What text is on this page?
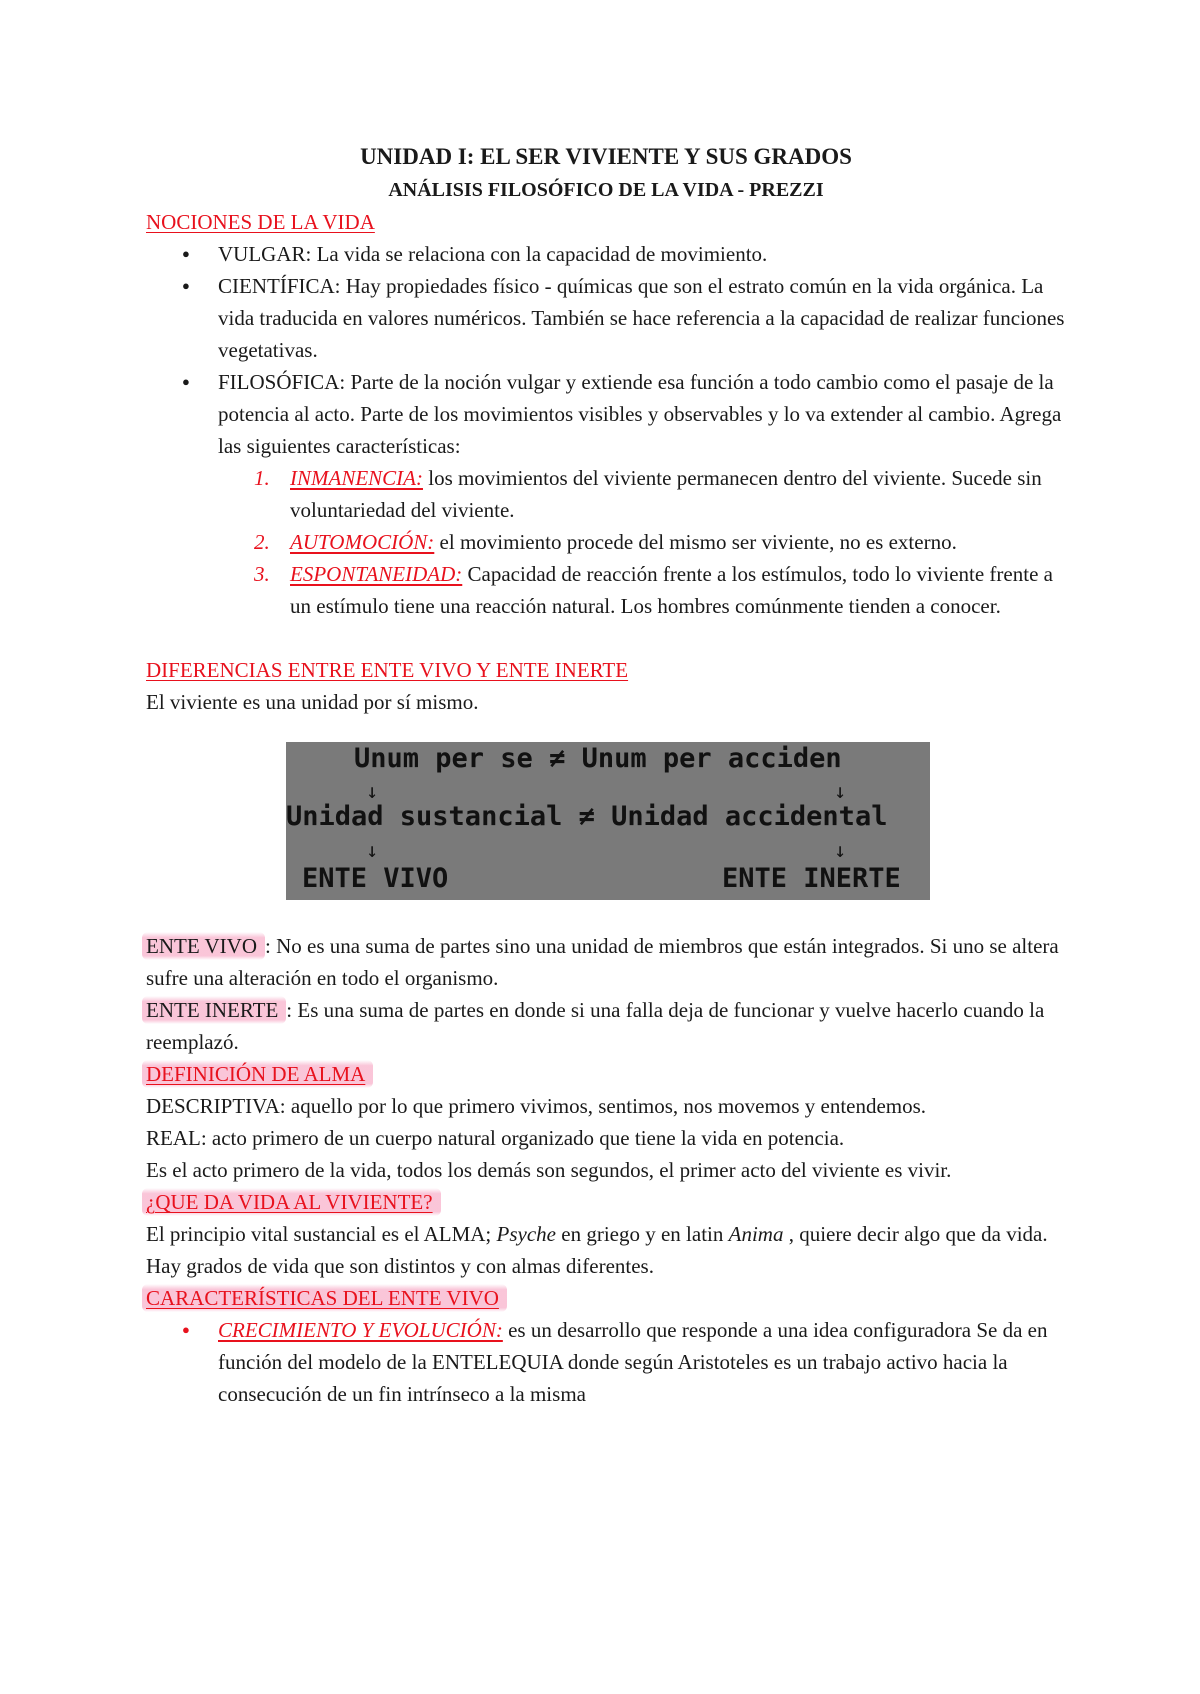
UNIDAD I: EL SER VIVIENTE Y SUS GRADOS
ANÁLISIS FILOSÓFICO DE LA VIDA - PREZZI

NOCIONES DE LA VIDA

● VULGAR: La vida se relaciona con la capacidad de movimiento.
● CIENTÍFICA: Hay propiedades físico - químicas que son el estrato común en la vida orgánica. La vida traducida en valores numéricos. También se hace referencia a la capacidad de realizar funciones vegetativas.
● FILOSÓFICA: Parte de la noción vulgar y extiende esa función a todo cambio como el pasaje de la potencia al acto. Parte de los movimientos visibles y observables y lo va extender al cambio. Agrega las siguientes características:
1. INMANENCIA: los movimientos del viviente permanecen dentro del viviente. Sucede sin voluntariedad del viviente.
2. AUTOMOCIÓN: el movimiento procede del mismo ser viviente, no es externo.
3. ESPONTANEIDAD: Capacidad de reacción frente a los estímulos, todo lo viviente frente a un estímulo tiene una reacción natural. Los hombres comúnmente tienden a conocer.

DIFERENCIAS ENTRE ENTE VIVO Y ENTE INERTE

El viviente es una unidad por sí mismo.

Unum per se ≠ Unum per acciden
↓	↓
Unidad sustancial ≠ Unidad accidental
↓	↓
ENTE VIVO	ENTE INERTE

ENTE VIVO : No es una suma de partes sino una unidad de miembros que están integrados. Si uno se altera sufre una alteración en todo el organismo.

ENTE INERTE : Es una suma de partes en donde si una falla deja de funcionar y vuelve hacerlo cuando la reemplazó.

DEFINICIÓN DE ALMA

DESCRIPTIVA: aquello por lo que primero vivimos, sentimos, nos movemos y entendemos.

REAL: acto primero de un cuerpo natural organizado que tiene la vida en potencia.

Es el acto primero de la vida, todos los demás son segundos, el primer acto del viviente es vivir.

¿QUE DA VIDA AL VIVIENTE?

El principio vital sustancial es el ALMA; Psyche en griego y en latin Anima , quiere decir algo que da vida.

Hay grados de vida que son distintos y con almas diferentes.

CARACTERÍSTICAS DEL ENTE VIVO

● CRECIMIENTO Y EVOLUCIÓN: es un desarrollo que responde a una idea configuradora Se da en función del modelo de la ENTELEQUIA donde según Aristoteles es un trabajo activo hacia la consecución de un fin intrínseco a la misma
